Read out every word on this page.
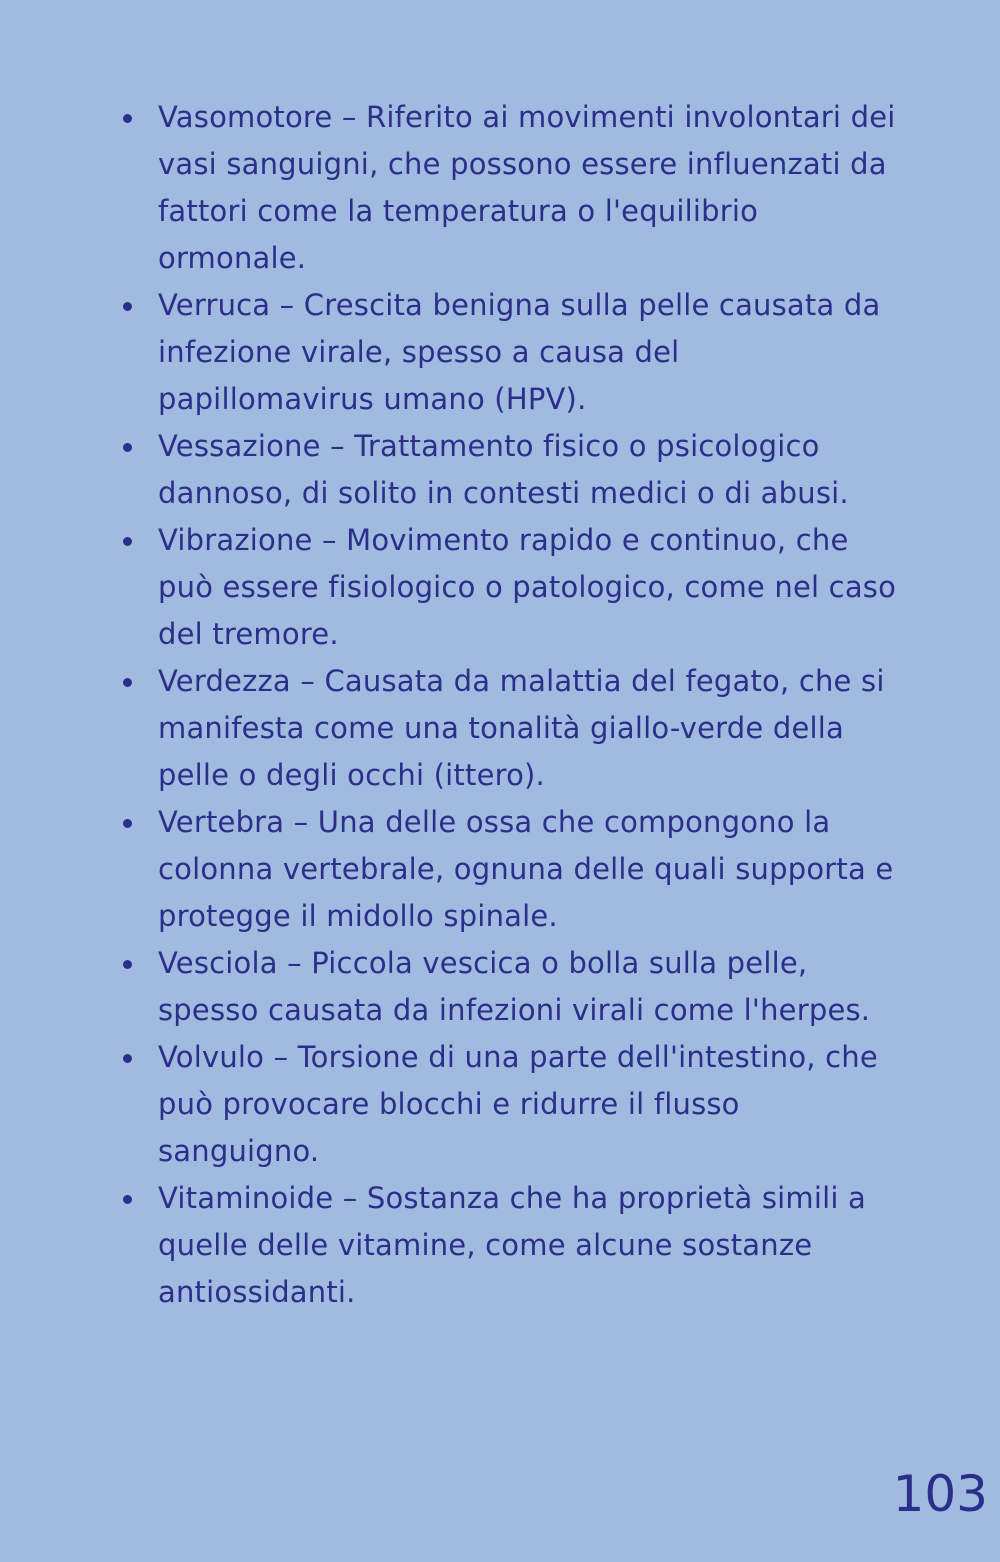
Vasomotore – Riferito ai movimenti involontari dei vasi sanguigni, che possono essere influenzati da fattori come la temperatura o l'equilibrio ormonale.
Verruca – Crescita benigna sulla pelle causata da infezione virale, spesso a causa del papillomavirus umano (HPV).
Vessazione – Trattamento fisico o psicologico dannoso, di solito in contesti medici o di abusi.
Vibrazione – Movimento rapido e continuo, che può essere fisiologico o patologico, come nel caso del tremore.
Verdezza – Causata da malattia del fegato, che si manifesta come una tonalità giallo-verde della pelle o degli occhi (ittero).
Vertebra – Una delle ossa che compongono la colonna vertebrale, ognuna delle quali supporta e protegge il midollo spinale.
Vesciola – Piccola vescica o bolla sulla pelle, spesso causata da infezioni virali come l'herpes.
Volvulo – Torsione di una parte dell'intestino, che può provocare blocchi e ridurre il flusso sanguigno.
Vitaminoide – Sostanza che ha proprietà simili a quelle delle vitamine, come alcune sostanze antiossidanti.
103
